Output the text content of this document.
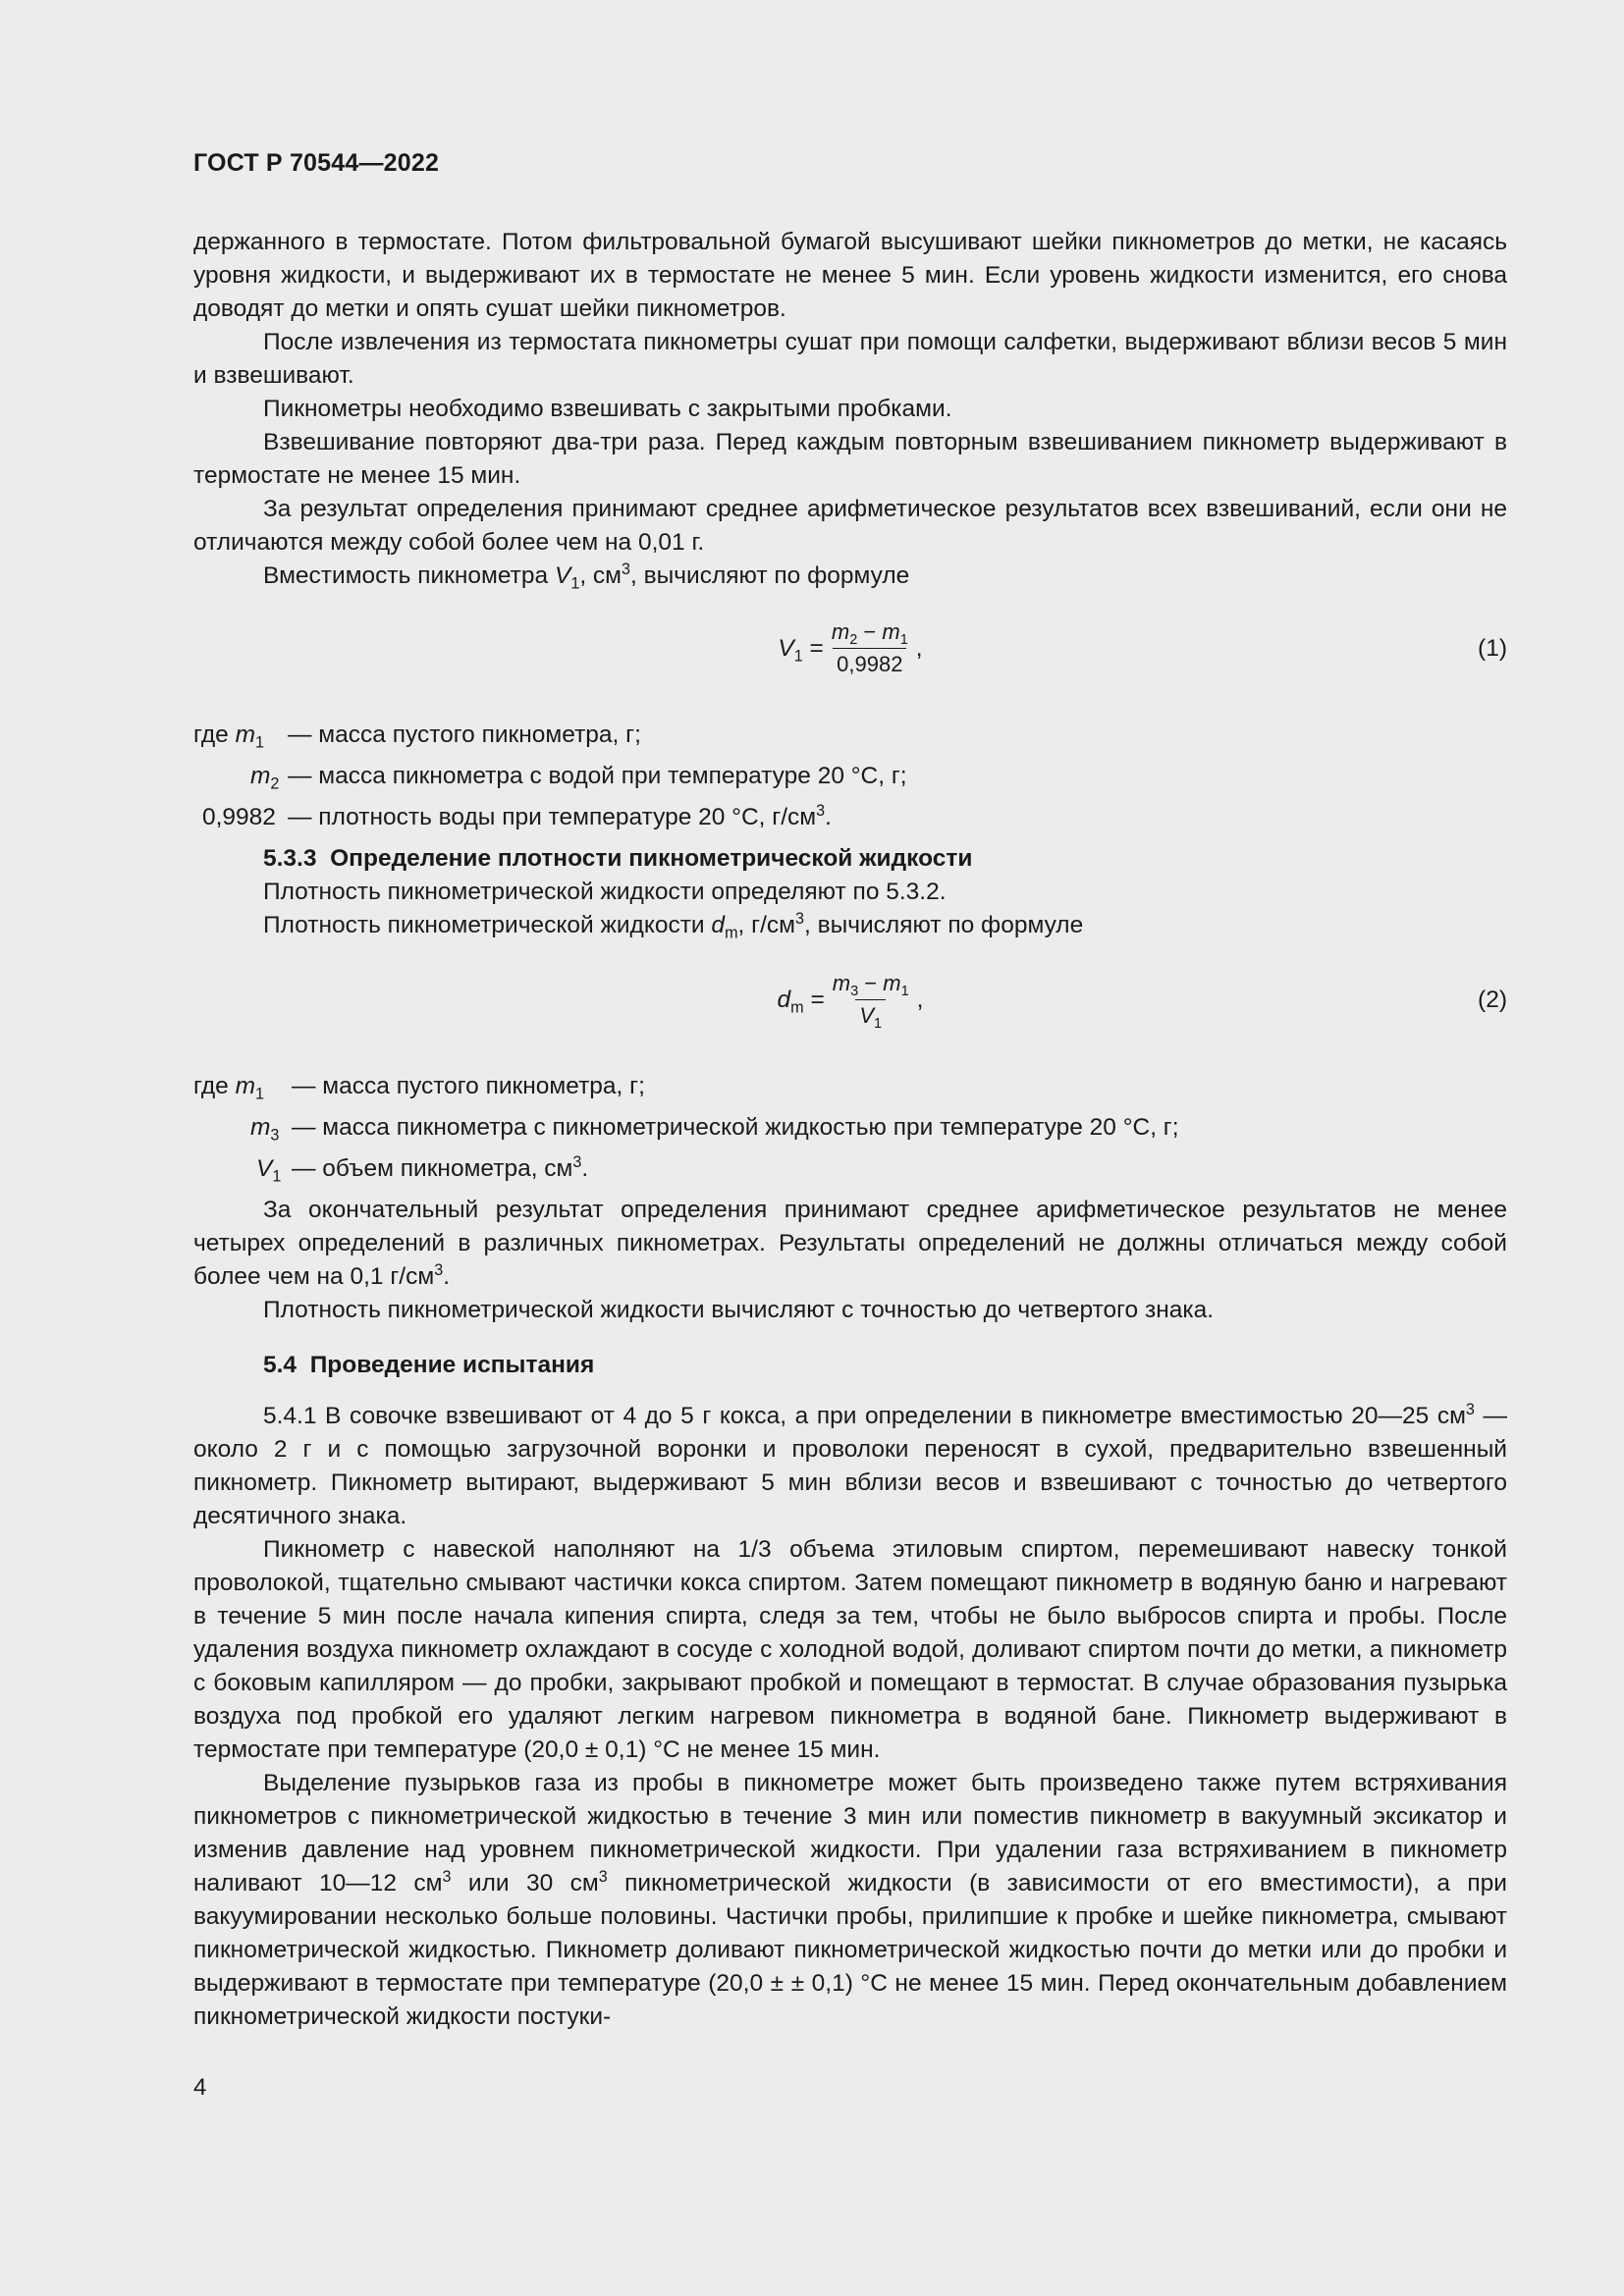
ГОСТ Р 70544—2022

держанного в термостате. Потом фильтровальной бумагой высушивают шейки пикнометров до метки, не касаясь уровня жидкости, и выдерживают их в термостате не менее 5 мин. Если уровень жидкости изменится, его снова доводят до метки и опять сушат шейки пикнометров.

После извлечения из термостата пикнометры сушат при помощи салфетки, выдерживают вблизи весов 5 мин и взвешивают.

Пикнометры необходимо взвешивать с закрытыми пробками.

Взвешивание повторяют два-три раза. Перед каждым повторным взвешиванием пикнометр выдерживают в термостате не менее 15 мин.

За результат определения принимают среднее арифметическое результатов всех взвешиваний, если они не отличаются между собой более чем на 0,01 г.

Вместимость пикнометра $V_1$, $см^3$, вычисляют по формуле

$V_1 = \frac{m_2 - m_1}{0,9982}$ ,	(1)
где $m_1$ — масса пустого пикнометра, г;
$m_2$ — масса пикнометра с водой при температуре 20 °С, г;
0,9982 — плотность воды при температуре 20 °С, $г/см^3$.
5.3.3 Определение плотности пикнометрической жидкости

Плотность пикнометрической жидкости определяют по 5.3.2.

Плотность пикнометрической жидкости $d_m$, $г/см^3$, вычисляют по формуле

$d_m = \frac{m_3 - m_1}{V_1}$ ,	(2)
где $m_1$ — масса пустого пикнометра, г;
$m_3$ — масса пикнометра с пикнометрической жидкостью при температуре 20 °С, г;
$V_1$ — объем пикнометра, $см^3$.

За окончательный результат определения принимают среднее арифметическое результатов не менее четырех определений в различных пикнометрах. Результаты определений не должны отличаться между собой более чем на 0,1 $г/см^3$.

Плотность пикнометрической жидкости вычисляют с точностью до четвертого знака.

5.4 Проведение испытания

5.4.1 В совочке взвешивают от 4 до 5 г кокса, а при определении в пикнометре вместимостью 20—25 $см^3$ — около 2 г и с помощью загрузочной воронки и проволоки переносят в сухой, предварительно взвешенный пикнометр. Пикнометр вытирают, выдерживают 5 мин вблизи весов и взвешивают с точностью до четвертого десятичного знака.

Пикнометр с навеской наполняют на 1/3 объема этиловым спиртом, перемешивают навеску тонкой проволокой, тщательно смывают частички кокса спиртом. Затем помещают пикнометр в водяную баню и нагревают в течение 5 мин после начала кипения спирта, следя за тем, чтобы не было выбросов спирта и пробы. После удаления воздуха пикнометр охлаждают в сосуде с холодной водой, доливают спиртом почти до метки, а пикнометр с боковым капилляром — до пробки, закрывают пробкой и помещают в термостат. В случае образования пузырька воздуха под пробкой его удаляют легким нагревом пикнометра в водяной бане. Пикнометр выдерживают в термостате при температуре (20,0 ± 0,1) °С не менее 15 мин.

Выделение пузырьков газа из пробы в пикнометре может быть произведено также путем встряхивания пикнометров с пикнометрической жидкостью в течение 3 мин или поместив пикнометр в вакуумный эксикатор и изменив давление над уровнем пикнометрической жидкости. При удалении газа встряхиванием в пикнометр наливают 10—12 $см^3$ или 30 $см^3$ пикнометрической жидкости (в зависимости от его вместимости), а при вакуумировании несколько больше половины. Частички пробы, прилипшие к пробке и шейке пикнометра, смывают пикнометрической жидкостью. Пикнометр доливают пикнометрической жидкостью почти до метки или до пробки и выдерживают в термостате при температуре (20,0 ± ± 0,1) °С не менее 15 мин. Перед окончательным добавлением пикнометрической жидкости постуки-

4
